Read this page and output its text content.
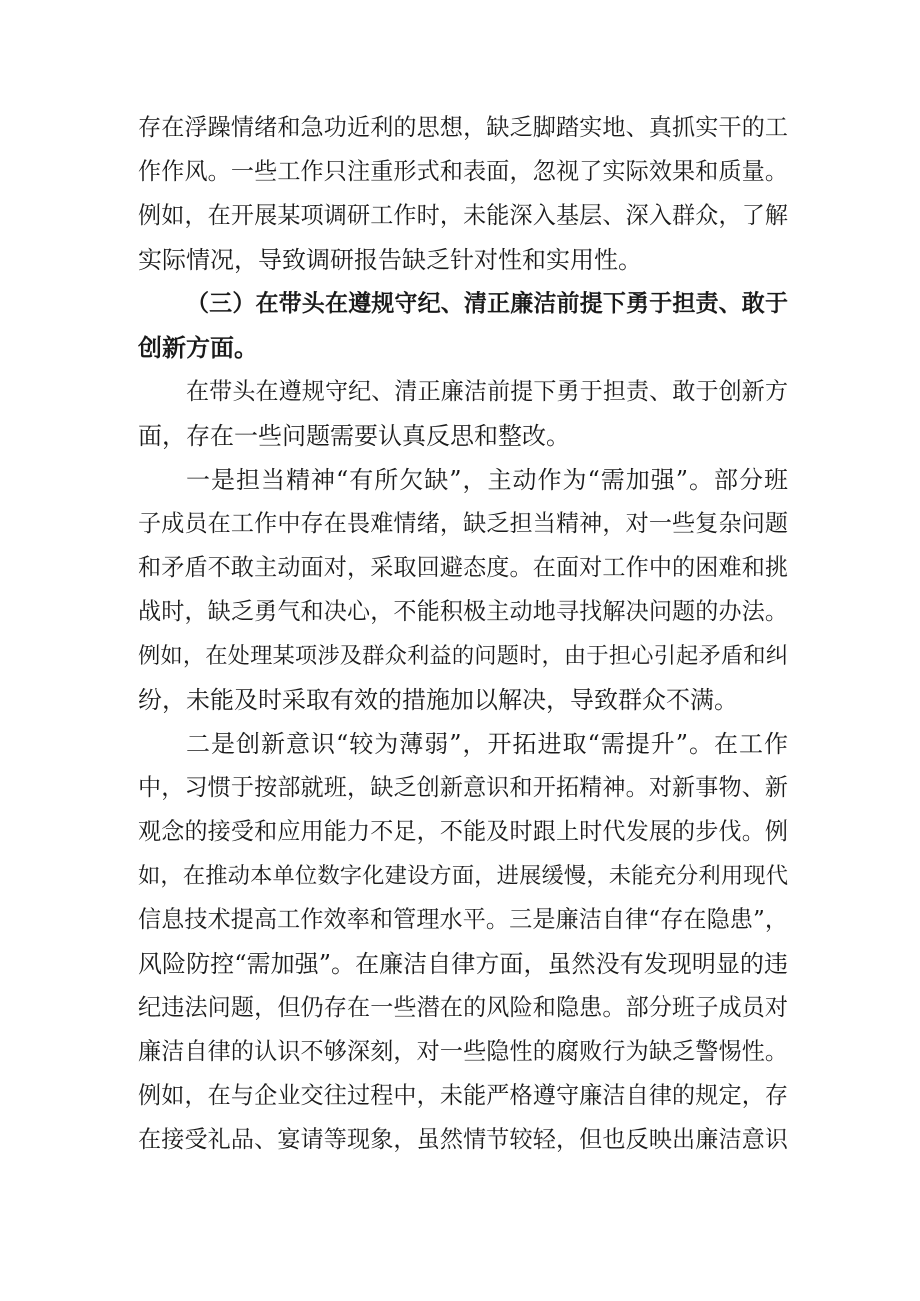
存在浮躁情绪和急功近利的思想，缺乏脚踏实地、真抓实干的工
作作风。一些工作只注重形式和表面，忽视了实际效果和质量。
例如，在开展某项调研工作时，未能深入基层、深入群众，了解
实际情况，导致调研报告缺乏针对性和实用性。
（三）在带头在遵规守纪、清正廉洁前提下勇于担责、敢于
创新方面。
在带头在遵规守纪、清正廉洁前提下勇于担责、敢于创新方
面，存在一些问题需要认真反思和整改。
一是担当精神“有所欠缺”，主动作为“需加强”。部分班
子成员在工作中存在畏难情绪，缺乏担当精神，对一些复杂问题
和矛盾不敢主动面对，采取回避态度。在面对工作中的困难和挑
战时，缺乏勇气和决心，不能积极主动地寻找解决问题的办法。
例如，在处理某项涉及群众利益的问题时，由于担心引起矛盾和纠
纷，未能及时采取有效的措施加以解决，导致群众不满。
二是创新意识“较为薄弱”，开拓进取“需提升”。在工作
中，习惯于按部就班，缺乏创新意识和开拓精神。对新事物、新
观念的接受和应用能力不足，不能及时跟上时代发展的步伐。例
如，在推动本单位数字化建设方面，进展缓慢，未能充分利用现代
信息技术提高工作效率和管理水平。三是廉洁自律“存在隐患”，
风险防控“需加强”。在廉洁自律方面，虽然没有发现明显的违
纪违法问题，但仍存在一些潜在的风险和隐患。部分班子成员对
廉洁自律的认识不够深刻，对一些隐性的腐败行为缺乏警惕性。
例如，在与企业交往过程中，未能严格遵守廉洁自律的规定，存
在接受礼品、宴请等现象，虽然情节较轻，但也反映出廉洁意识
